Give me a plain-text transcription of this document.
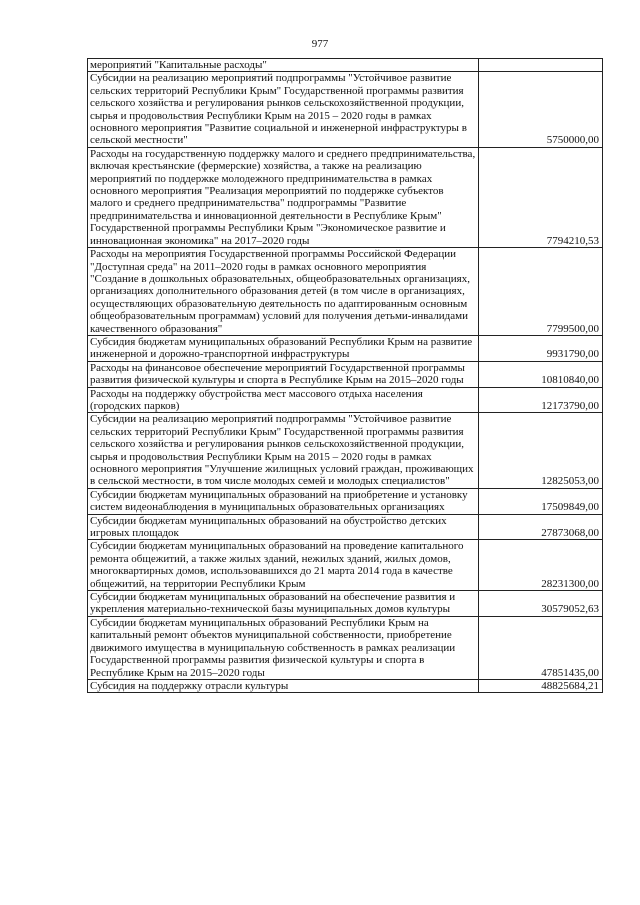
977
мероприятий "Капитальные расходы"	
Субсидии на реализацию мероприятий подпрограммы "Устойчивое развитие сельских территорий Республики Крым" Государственной программы развития сельского хозяйства и регулирования рынков сельскохозяйственной продукции, сырья и продовольствия Республики Крым на 2015 – 2020 годы в рамках основного мероприятия "Развитие социальной и инженерной инфраструктуры в сельской местности"	5750000,00
Расходы на государственную поддержку малого и среднего предпринимательства, включая крестьянские (фермерские) хозяйства, а также на реализацию мероприятий по поддержке молодежного предпринимательства в рамках основного мероприятия "Реализация мероприятий по поддержке субъектов малого и среднего предпринимательства" подпрограммы "Развитие предпринимательства и инновационной деятельности в Республике Крым" Государственной программы Республики Крым "Экономическое развитие и инновационная экономика" на 2017–2020 годы	7794210,53
Расходы на мероприятия Государственной программы Российской Федерации "Доступная среда" на 2011–2020 годы в рамках основного мероприятия "Создание в дошкольных образовательных, общеобразовательных организациях, организациях дополнительного образования детей (в том числе в организациях, осуществляющих образовательную деятельность по адаптированным основным общеобразовательным программам) условий для получения детьми-инвалидами качественного образования"	7799500,00
Субсидия бюджетам муниципальных образований Республики Крым на развитие инженерной и дорожно-транспортной инфраструктуры	9931790,00
Расходы на финансовое обеспечение мероприятий Государственной программы развития физической культуры и спорта в Республике Крым на 2015–2020 годы	10810840,00
Расходы на поддержку обустройства мест массового отдыха населения (городских парков)	12173790,00
Субсидии на реализацию мероприятий подпрограммы "Устойчивое развитие сельских территорий Республики Крым" Государственной программы развития сельского хозяйства и регулирования рынков сельскохозяйственной продукции, сырья и продовольствия Республики Крым на 2015 – 2020 годы в рамках основного мероприятия "Улучшение жилищных условий граждан, проживающих в сельской местности, в том числе молодых семей и молодых специалистов"	12825053,00
Субсидии бюджетам муниципальных образований на приобретение и установку систем видеонаблюдения в муниципальных образовательных организациях	17509849,00
Субсидии бюджетам муниципальных образований на обустройство детских игровых площадок	27873068,00
Субсидии бюджетам муниципальных образований на проведение капитального ремонта общежитий, а также жилых зданий, нежилых зданий, жилых домов, многоквартирных домов, использовавшихся до 21 марта 2014 года в качестве общежитий, на территории Республики Крым	28231300,00
Субсидии бюджетам муниципальных образований на обеспечение развития и укрепления материально-технической базы муниципальных домов культуры	30579052,63
Субсидии бюджетам муниципальных образований Республики Крым на капитальный ремонт объектов муниципальной собственности, приобретение движимого имущества в муниципальную собственность в рамках реализации Государственной программы развития физической культуры и спорта в Республике Крым на 2015–2020 годы	47851435,00
Субсидия на поддержку отрасли культуры	48825684,21
